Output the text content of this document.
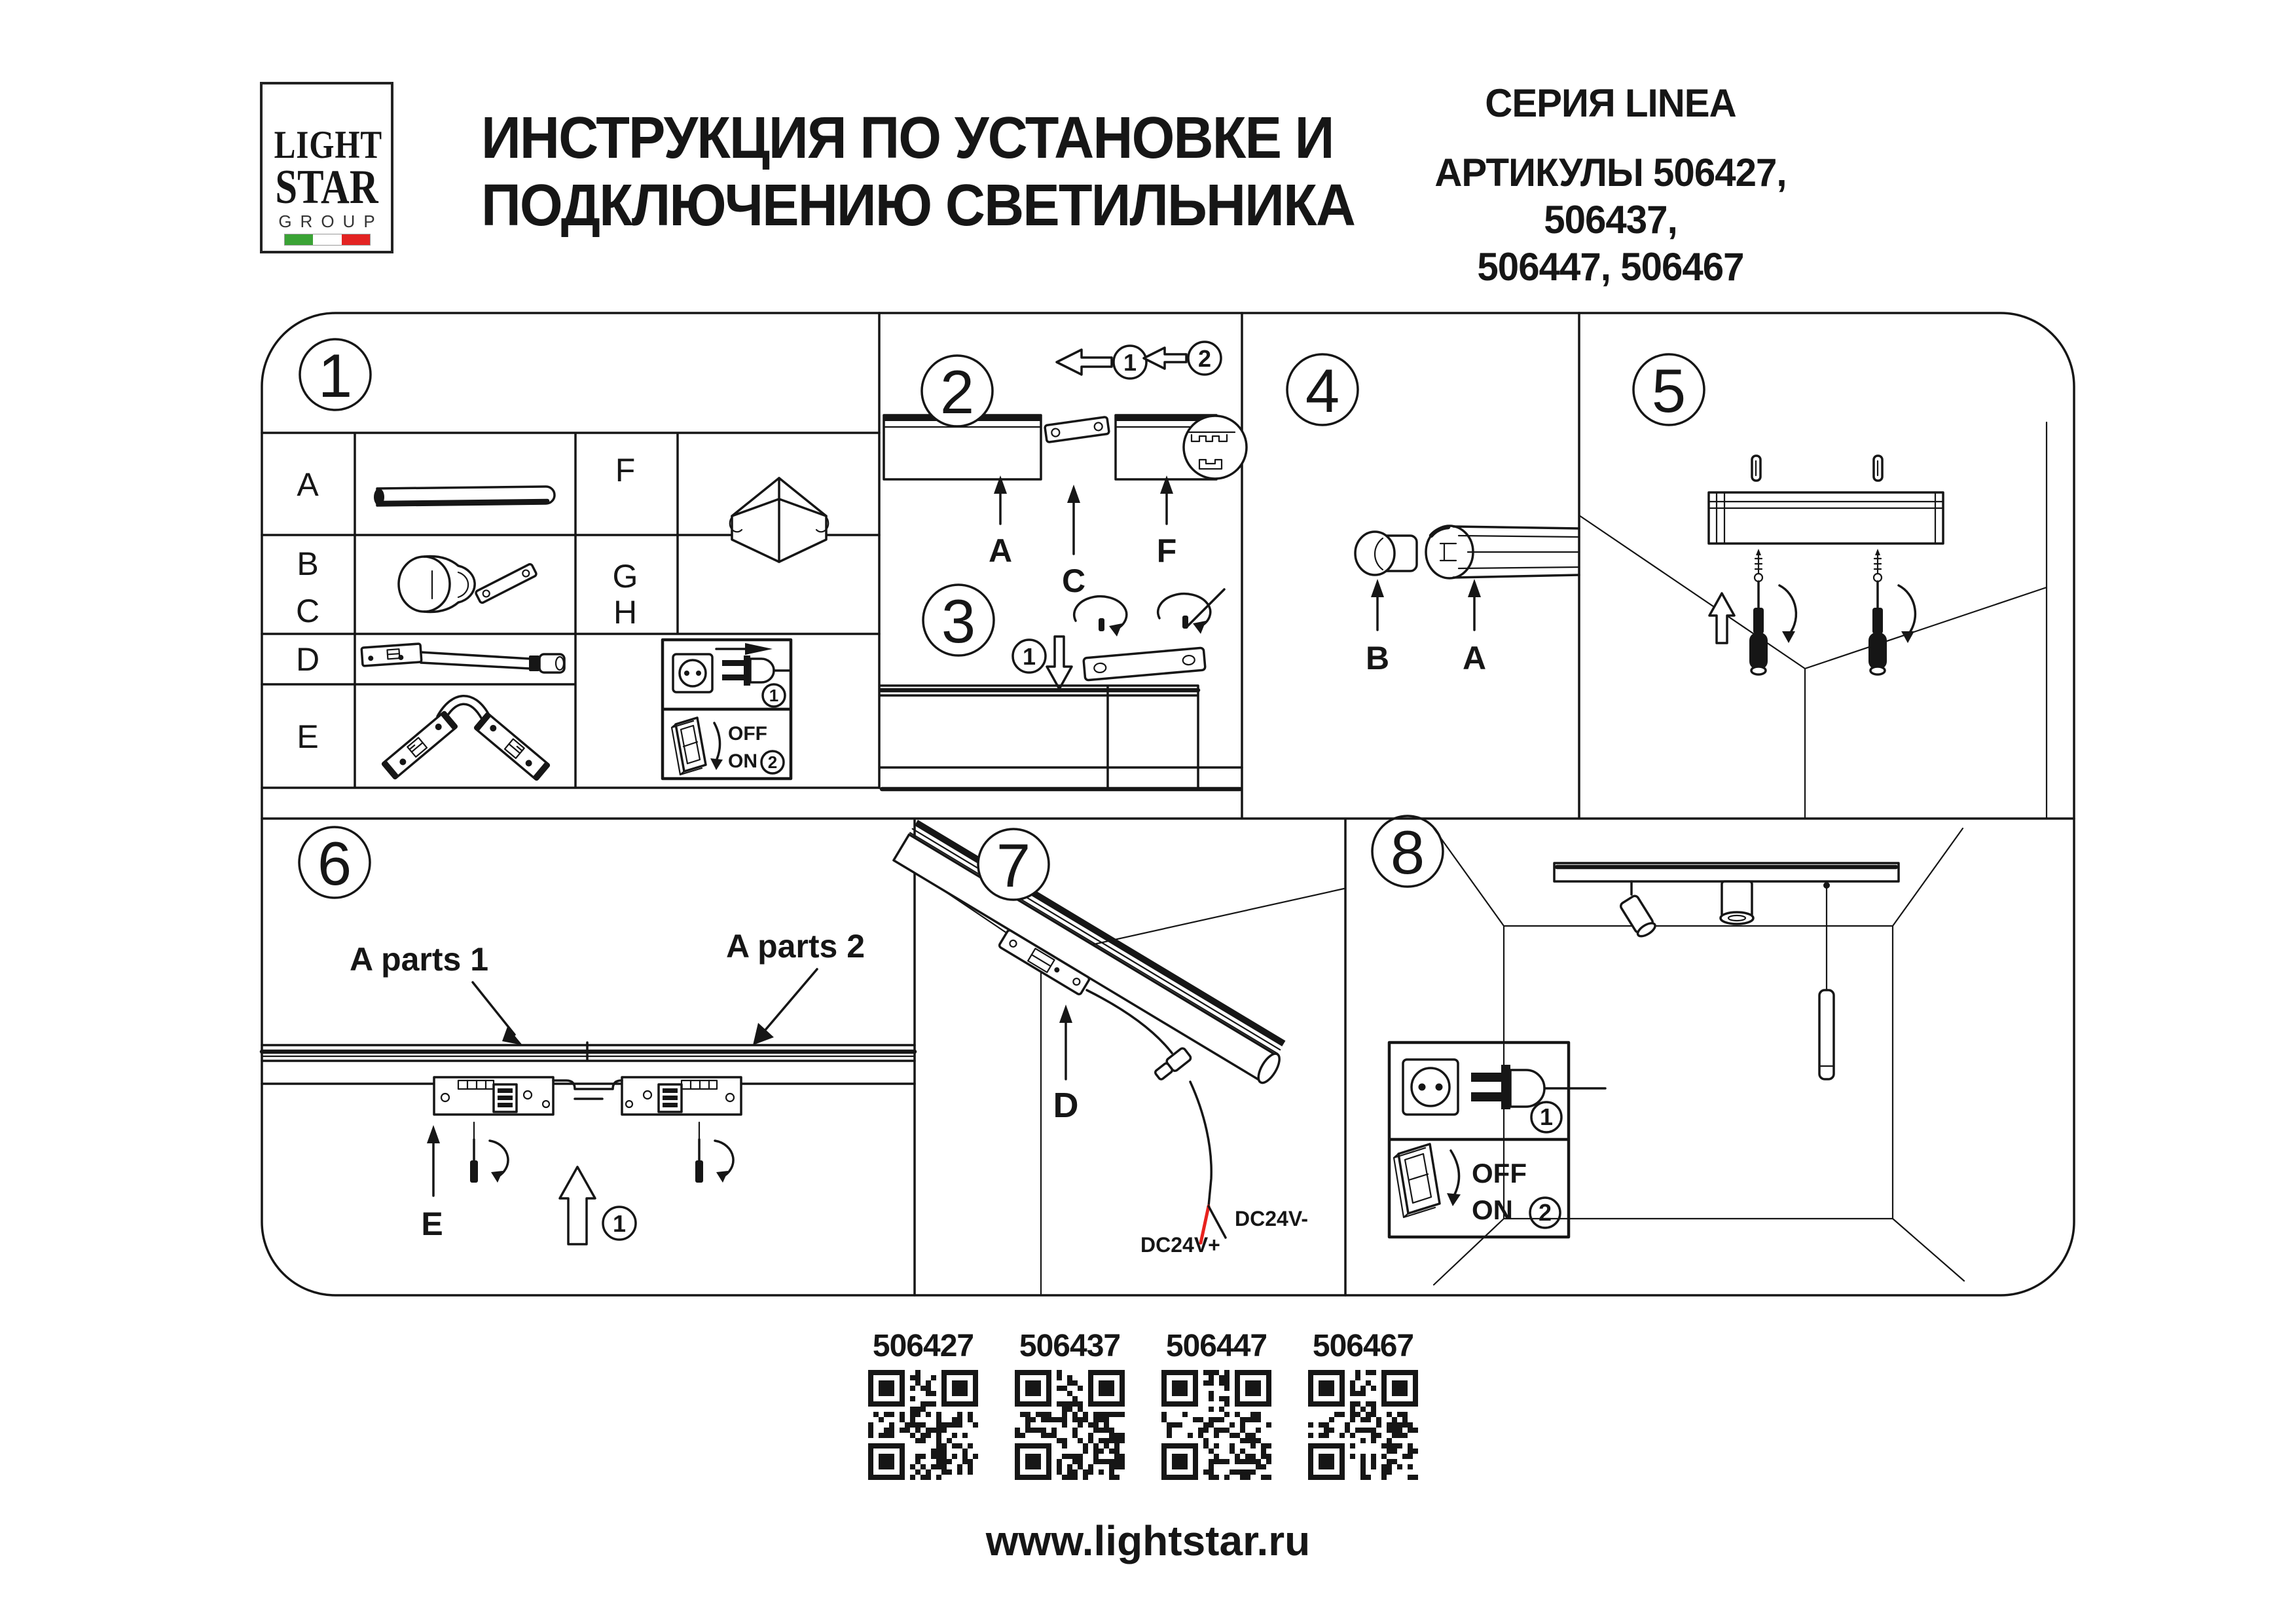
LIGHT
STAR
GROUP
ИНСТРУКЦИЯ ПО УСТАНОВКЕ И
ПОДКЛЮЧЕНИЮ СВЕТИЛЬНИКА
СЕРИЯ LINEA
АРТИКУЛЫ 506427, 506437,
506447, 506467
1
A
B
C
D
E
F
G
H
1
OFF
ON 2
2	1	2
A
C
F
3
1
4
B A
5
6
A parts 1	A parts 2
E	1
7
D
DC24V-
DC24V+
8
1
OFF
ON 2
506427 506437 506447 506467
www.lightstar.ru
